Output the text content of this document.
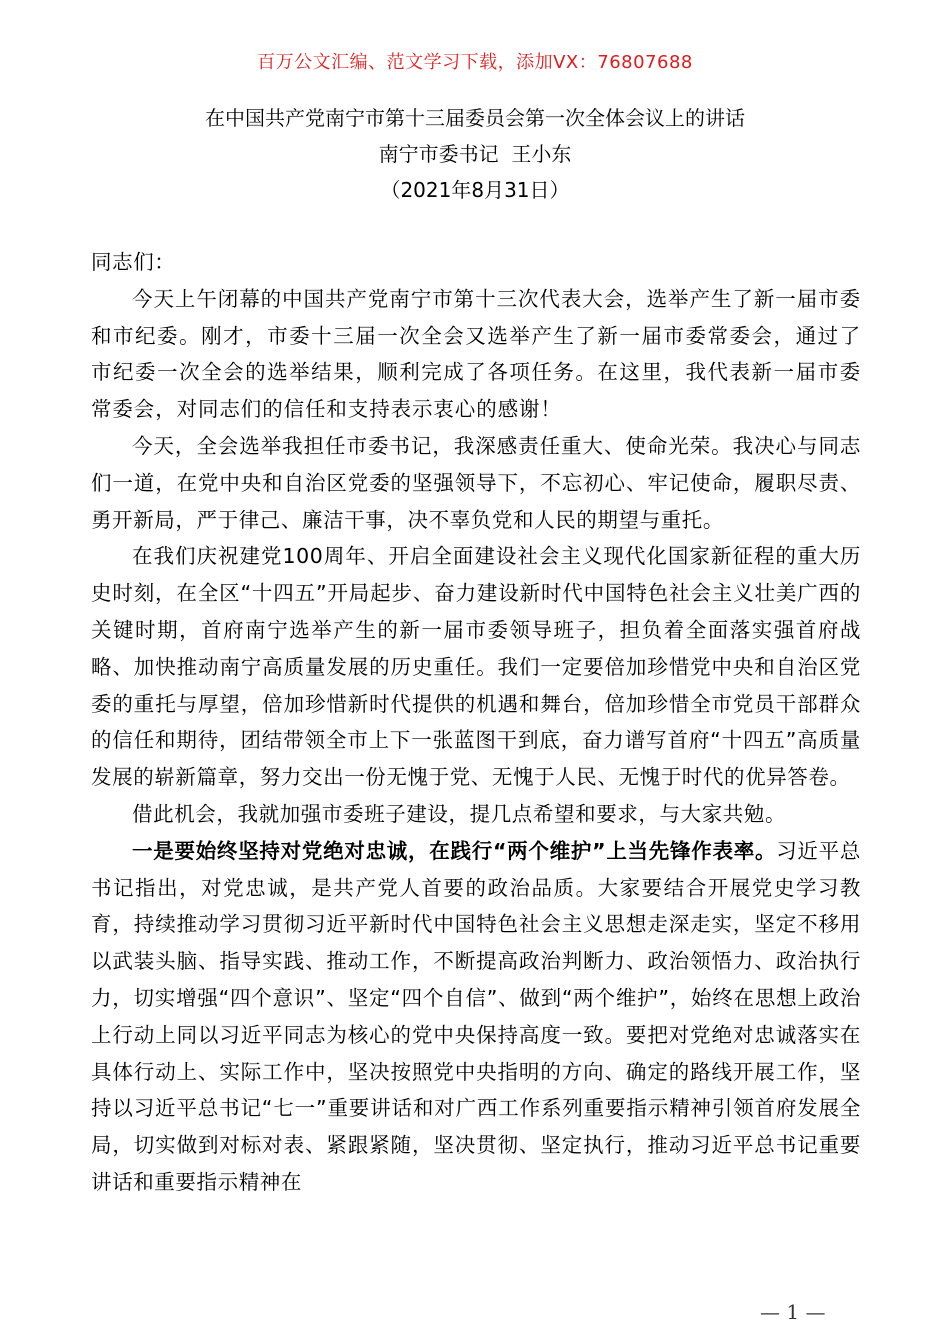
百万公文汇编、范文学习下载，添加VX：76807688
在中国共产党南宁市第十三届委员会第一次全体会议上的讲话
南宁市委书记  王小东
（2021年8月31日）

同志们：

今天上午闭幕的中国共产党南宁市第十三次代表大会，选举产生了新一届市委和市纪委。刚才，市委十三届一次全会又选举产生了新一届市委常委会，通过了市纪委一次全会的选举结果，顺利完成了各项任务。在这里，我代表新一届市委常委会，对同志们的信任和支持表示衷心的感谢！

今天，全会选举我担任市委书记，我深感责任重大、使命光荣。我决心与同志们一道，在党中央和自治区党委的坚强领导下，不忘初心、牢记使命，履职尽责、勇开新局，严于律己、廉洁干事，决不辜负党和人民的期望与重托。

在我们庆祝建党100周年、开启全面建设社会主义现代化国家新征程的重大历史时刻，在全区“十四五”开局起步、奋力建设新时代中国特色社会主义壮美广西的关键时期，首府南宁选举产生的新一届市委领导班子，担负着全面落实强首府战略、加快推动南宁高质量发展的历史重任。我们一定要倍加珍惜党中央和自治区党委的重托与厚望，倍加珍惜新时代提供的机遇和舞台，倍加珍惜全市党员干部群众的信任和期待，团结带领全市上下一张蓝图干到底，奋力谱写首府“十四五”高质量发展的崭新篇章，努力交出一份无愧于党、无愧于人民、无愧于时代的优异答卷。

借此机会，我就加强市委班子建设，提几点希望和要求，与大家共勉。

一是要始终坚持对党绝对忠诚，在践行“两个维护”上当先锋作表率。习近平总书记指出，对党忠诚，是共产党人首要的政治品质。大家要结合开展党史学习教育，持续推动学习贯彻习近平新时代中国特色社会主义思想走深走实，坚定不移用以武装头脑、指导实践、推动工作，不断提高政治判断力、政治领悟力、政治执行力，切实增强“四个意识”、坚定“四个自信”、做到“两个维护”，始终在思想上政治上行动上同以习近平同志为核心的党中央保持高度一致。要把对党绝对忠诚落实在具体行动上、实际工作中，坚决按照党中央指明的方向、确定的路线开展工作，坚持以习近平总书记“七一”重要讲话和对广西工作系列重要指示精神引领首府发展全局，切实做到对标对表、紧跟紧随，坚决贯彻、坚定执行，推动习近平总书记重要讲话和重要指示精神在

— 1 —
